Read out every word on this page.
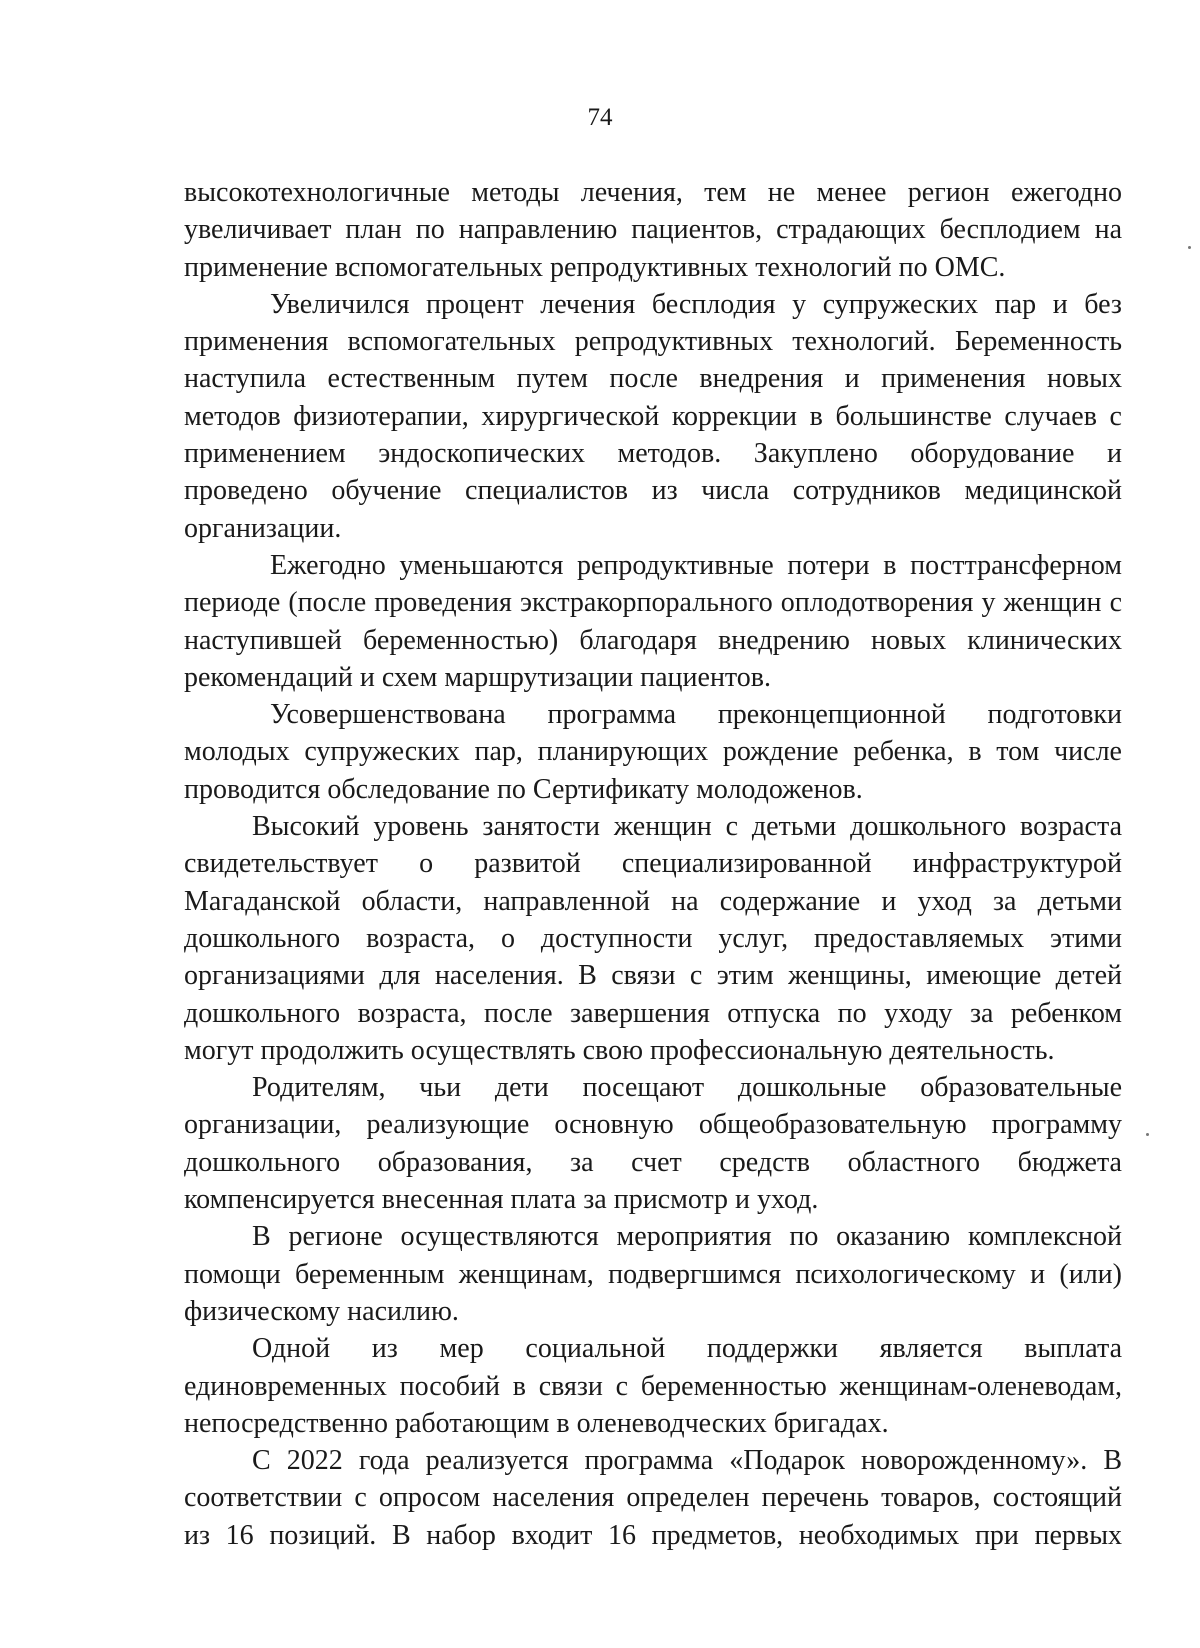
74
высокотехнологичные методы лечения, тем не менее регион ежегодно
увеличивает план по направлению пациентов, страдающих бесплодием на
применение вспомогательных репродуктивных технологий по ОМС.
Увеличился процент лечения бесплодия у супружеских пар и без
применения вспомогательных репродуктивных технологий. Беременность
наступила естественным путем после внедрения и применения новых
методов физиотерапии, хирургической коррекции в большинстве случаев с
применением эндоскопических методов. Закуплено оборудование и
проведено обучение специалистов из числа сотрудников медицинской
организации.
Ежегодно уменьшаются репродуктивные потери в посттрансферном
периоде (после проведения экстракорпорального оплодотворения у женщин с
наступившей беременностью) благодаря внедрению новых клинических
рекомендаций и схем маршрутизации пациентов.
Усовершенствована программа преконцепционной подготовки
молодых супружеских пар, планирующих рождение ребенка, в том числе
проводится обследование по Сертификату молодоженов.
Высокий уровень занятости женщин с детьми дошкольного возраста
свидетельствует о развитой специализированной инфраструктурой
Магаданской области, направленной на содержание и уход за детьми
дошкольного возраста, о доступности услуг, предоставляемых этими
организациями для населения. В связи с этим женщины, имеющие детей
дошкольного возраста, после завершения отпуска по уходу за ребенком
могут продолжить осуществлять свою профессиональную деятельность.
Родителям, чьи дети посещают дошкольные образовательные
организации, реализующие основную общеобразовательную программу
дошкольного образования, за счет средств областного бюджета
компенсируется внесенная плата за присмотр и уход.
В регионе осуществляются мероприятия по оказанию комплексной
помощи беременным женщинам, подвергшимся психологическому и (или)
физическому насилию.
Одной из мер социальной поддержки является выплата
единовременных пособий в связи с беременностью женщинам-оленеводам,
непосредственно работающим в оленеводческих бригадах.
С 2022 года реализуется программа «Подарок новорожденному». В
соответствии с опросом населения определен перечень товаров, состоящий
из 16 позиций. В набор входит 16 предметов, необходимых при первых
